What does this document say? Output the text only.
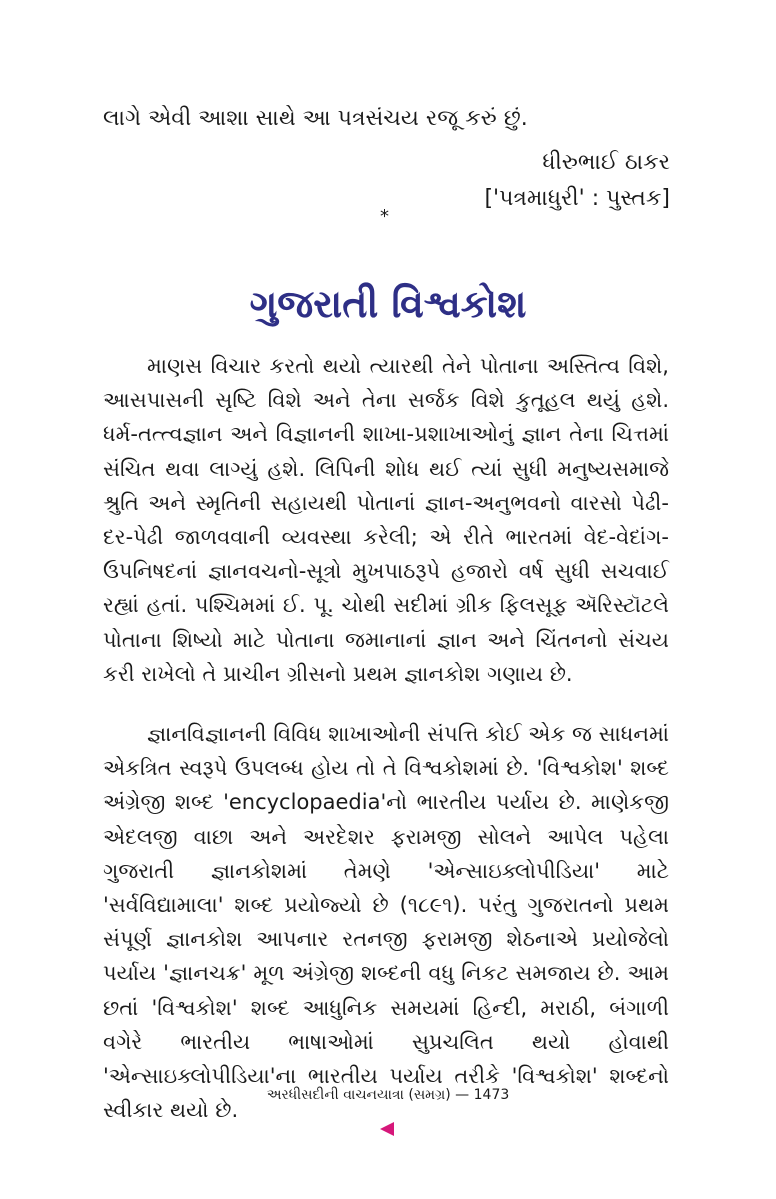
લાગે એવી આશા સાથે આ પત્રસંચય રજૂ કરું છું.
ધીરુભાઈ ઠાકર
['પત્રમાધુરી' : પુસ્તક]
*
ગુજરાતી વિશ્વકોશ
માણસ વિચાર કરતો થયો ત્યારથી તેને પોતાના અસ્તિત્વ વિશે, આસપાસની સૃષ્ટિ વિશે અને તેના સર્જક વિશે કુતૂહલ થયું હશે. ધર્મ-તત્ત્વજ્ઞાન અને વિજ્ઞાનની શાખા-પ્રશાખાઓનું જ્ઞાન તેના ચિત્તમાં સંચિત થવા લાગ્યું હશે. લિપિની શોધ થઈ ત્યાં સુધી મનુષ્યસમાજે શ્રુતિ અને સ્મૃતિની સહાયથી પોતાનાં જ્ઞાન-અનુભવનો વારસો પેઢી-દર-પેઢી જાળવવાની વ્યવસ્થા કરેલી; એ રીતે ભારતમાં વેદ-વેદાંગ-ઉપનિષદનાં જ્ઞાનવચનો-સૂત્રો મુખપાઠરૂપે હજારો વર્ષ સુધી સચવાઈ રહ્યાં હતાં. પશ્ચિમમાં ઈ. પૂ. ચોથી સદીમાં ગ્રીક ફિલસૂફ ઍરિસ્ટૉટલે પોતાના શિષ્યો માટે પોતાના જમાનાનાં જ્ઞાન અને ચિંતનનો સંચય કરી રાખેલો તે પ્રાચીન ગ્રીસનો પ્રથમ જ્ઞાનકોશ ગણાય છે.
જ્ઞાનવિજ્ઞાનની વિવિધ શાખાઓની સંપત્તિ કોઈ એક જ સાધનમાં એકત્રિત સ્વરૂપે ઉપલબ્ધ હોય તો તે વિશ્વકોશમાં છે. 'વિશ્વકોશ' શબ્દ અંગ્રેજી શબ્દ 'encyclopaedia'નો ભારતીય પર્યાય છે. માણેકજી એદલજી વાછા અને અરદેશર ફરામજી સોલને આપેલ પહેલા ગુજરાતી જ્ઞાનકોશમાં તેમણે 'એન્સાઇક્લોપીડિયા' માટે 'સર્વવિદ્યામાલા' શબ્દ પ્રયોજ્યો છે (૧૮૯૧). પરંતુ ગુજરાતનો પ્રથમ સંપૂર્ણ જ્ઞાનકોશ આપનાર રતનજી ફરામજી શેઠનાએ પ્રયોજેલો પર્યાય 'જ્ઞાનચક્ર' મૂળ અંગ્રેજી શબ્દની વધુ નિકટ સમજાય છે. આમ છતાં 'વિશ્વકોશ' શબ્દ આધુનિક સમયમાં હિન્દી, મરાઠી, બંગાળી વગેરે ભારતીય ભાષાઓમાં સુપ્રચલિત થયો હોવાથી 'એન્સાઇક્લોપીડિયા'ના ભારતીય પર્યાય તરીકે 'વિશ્વકોશ' શબ્દનો સ્વીકાર થયો છે.
અરધીસદીની વાચનયાત્રા (સમગ્ર) — 1473
